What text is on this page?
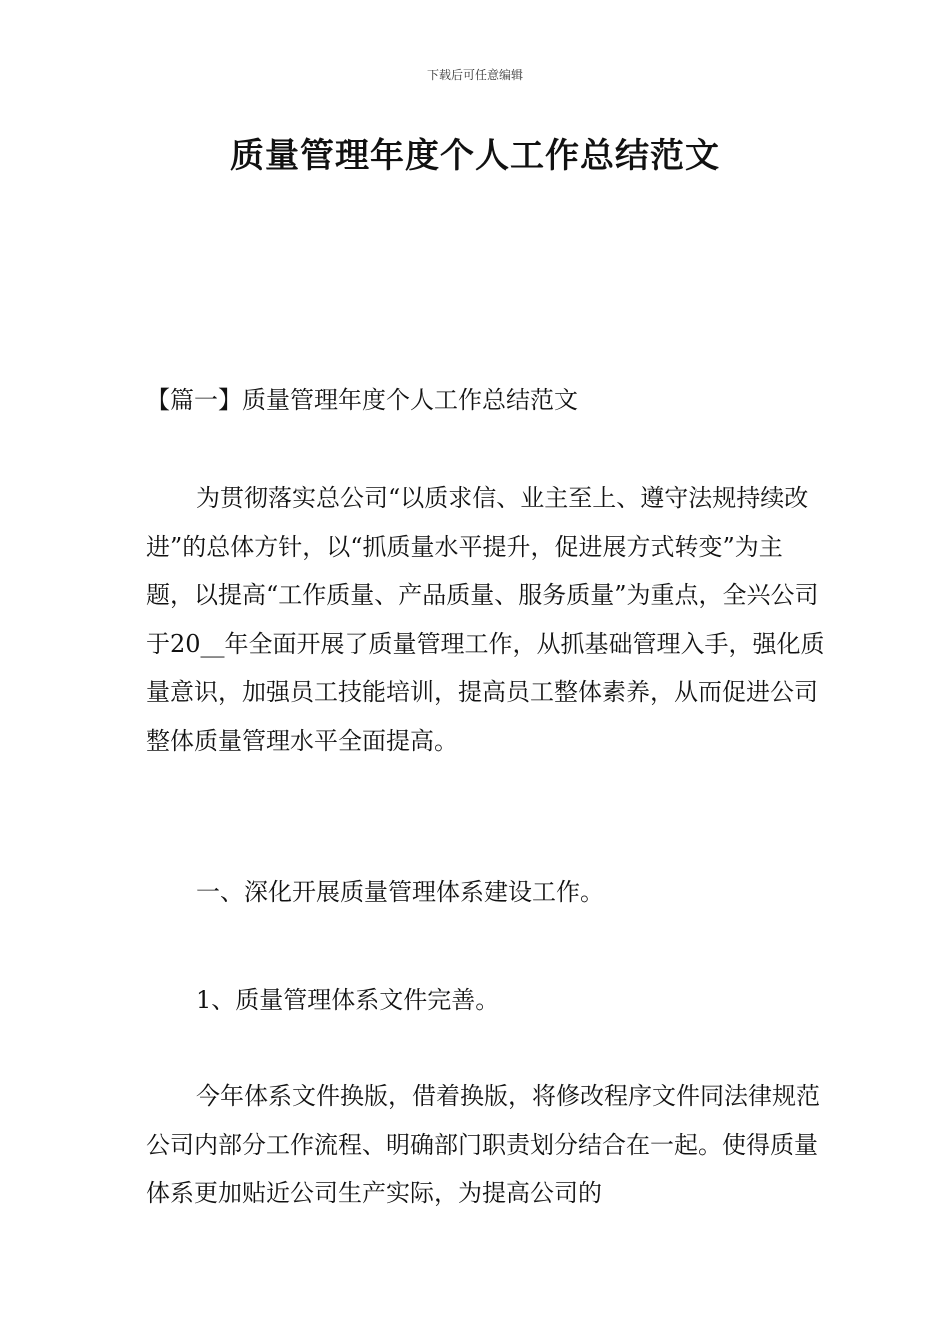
下载后可任意编辑
质量管理年度个人工作总结范文
【篇一】质量管理年度个人工作总结范文

为贯彻落实总公司“以质求信、业主至上、遵守法规持续改进”的总体方针，以“抓质量水平提升，促进展方式转变”为主题，以提高“工作质量、产品质量、服务质量”为重点，全兴公司于20__年全面开展了质量管理工作，从抓基础管理入手，强化质量意识，加强员工技能培训，提高员工整体素养，从而促进公司整体质量管理水平全面提高。

一、深化开展质量管理体系建设工作。

1、质量管理体系文件完善。

今年体系文件换版，借着换版，将修改程序文件同法律规范公司内部分工作流程、明确部门职责划分结合在一起。使得质量体系更加贴近公司生产实际，为提高公司的
